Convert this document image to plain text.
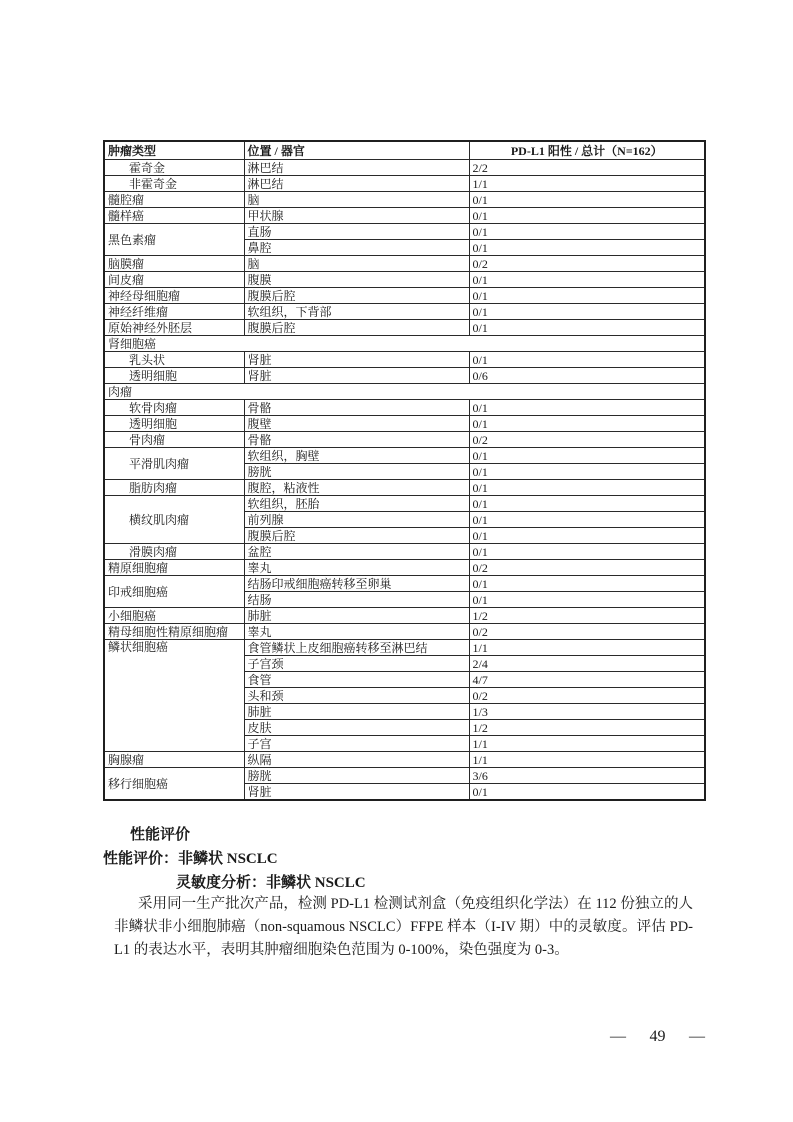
肿瘤类型	位置 / 器官	PD-L1 阳性 / 总计（N=162）
霍奇金	淋巴结	2/2
非霍奇金	淋巴结	1/1
髓腔瘤	脑	0/1
髓样癌	甲状腺	0/1
黑色素瘤	直肠	0/1
	鼻腔	0/1
脑膜瘤	脑	0/2
间皮瘤	腹膜	0/1
神经母细胞瘤	腹膜后腔	0/1
神经纤维瘤	软组织，下背部	0/1
原始神经外胚层	腹膜后腔	0/1
肾细胞癌		
乳头状	肾脏	0/1
透明细胞	肾脏	0/6
肉瘤		
软骨肉瘤	骨骼	0/1
透明细胞	腹壁	0/1
骨肉瘤	骨骼	0/2
平滑肌肉瘤	软组织，胸壁	0/1
	膀胱	0/1
脂肪肉瘤	腹腔，粘液性	0/1
横纹肌肉瘤	软组织，胚胎	0/1
	前列腺	0/1
	腹膜后腔	0/1
滑膜肉瘤	盆腔	0/1
精原细胞瘤	睾丸	0/2
印戒细胞癌	结肠印戒细胞癌转移至卵巢	0/1
	结肠	0/1
小细胞癌	肺脏	1/2
精母细胞性精原细胞瘤	睾丸	0/2
鳞状细胞癌	食管鳞状上皮细胞癌转移至淋巴结	1/1
	子宫颈	2/4
	食管	4/7
	头和颈	0/2
	肺脏	1/3
	皮肤	1/2
	子宫	1/1
胸腺瘤	纵隔	1/1
移行细胞癌	膀胱	3/6
	肾脏	0/1
性能评价
性能评价：非鳞状 NSCLC
灵敏度分析：非鳞状 NSCLC
采用同一生产批次产品，检测 PD-L1 检测试剂盒（免疫组织化学法）在 112 份独立的人非鳞状非小细胞肺癌（non-squamous NSCLC）FFPE 样本（I-IV 期）中的灵敏度。评估 PD-L1 的表达水平，表明其肿瘤细胞染色范围为 0-100%，染色强度为 0-3。
— 49 —
